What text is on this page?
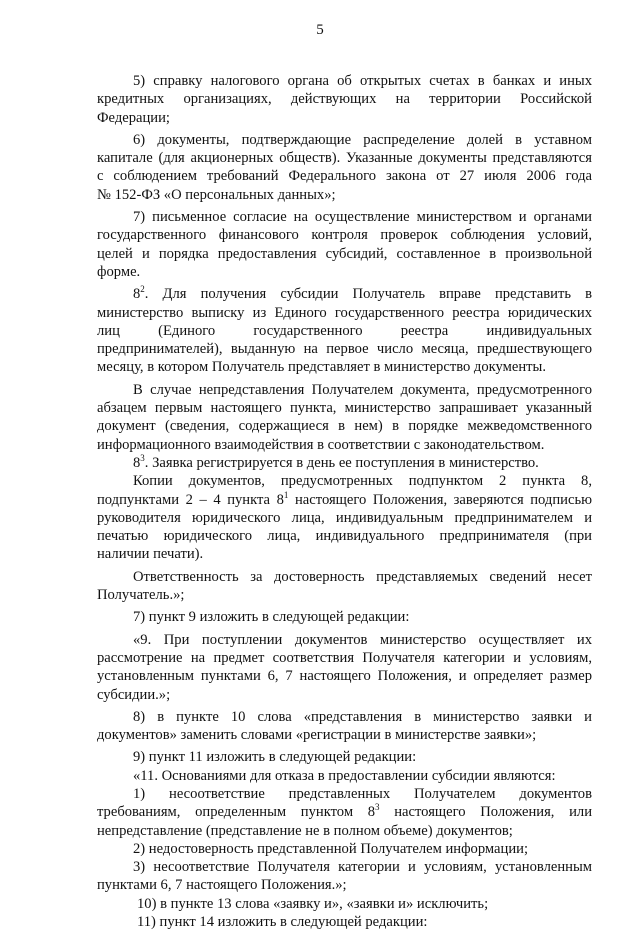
5

5) справку налогового органа об открытых счетах в банках и иных

кредитных организациях, действующих на территории Российской

Федерации;

6) документы, подтверждающие распределение долей в уставном

капитале (для акционерных обществ). Указанные документы представляются

с соблюдением требований Федерального закона от 27 июля 2006 года

№ 152-ФЗ «О персональных данных»;

7) письменное согласие на осуществление министерством и органами

государственного финансового контроля проверок соблюдения условий,

целей и порядка предоставления субсидий, составленное в произвольной

форме.

$8^2$. Для получения субсидии Получатель вправе представить в

министерство выписку из Единого государственного реестра юридических

лиц (Единого государственного реестра индивидуальных

предпринимателей), выданную на первое число месяца, предшествующего

месяцу, в котором Получатель представляет в министерство документы.

В случае непредставления Получателем документа, предусмотренного

абзацем первым настоящего пункта, министерство запрашивает указанный

документ (сведения, содержащиеся в нем) в порядке межведомственного

информационного взаимодействия в соответствии с законодательством.

$8^3$. Заявка регистрируется в день ее поступления в министерство.

Копии документов, предусмотренных подпунктом 2 пункта 8,

подпунктами 2 – 4 пункта $8^1$ настоящего Положения, заверяются подписью

руководителя юридического лица, индивидуальным предпринимателем и

печатью юридического лица, индивидуального предпринимателя (при

наличии печати).

Ответственность за достоверность представляемых сведений несет

Получатель.»;

7) пункт 9 изложить в следующей редакции:

«9. При поступлении документов министерство осуществляет их

рассмотрение на предмет соответствия Получателя категории и условиям,

установленным пунктами 6, 7 настоящего Положения, и определяет размер

субсидии.»;

8) в пункте 10 слова «представления в министерство заявки и

документов» заменить словами «регистрации в министерстве заявки»;

9) пункт 11 изложить в следующей редакции:

«11. Основаниями для отказа в предоставлении субсидии являются:

1) несоответствие представленных Получателем документов

требованиям, определенным пунктом $8^3$ настоящего Положения, или

непредставление (представление не в полном объеме) документов;

2) недостоверность представленной Получателем информации;

3) несоответствие Получателя категории и условиям, установленным

пунктами 6, 7 настоящего Положения.»;

10) в пункте 13 слова «заявку и», «заявки и» исключить;

11) пункт 14 изложить в следующей редакции:
